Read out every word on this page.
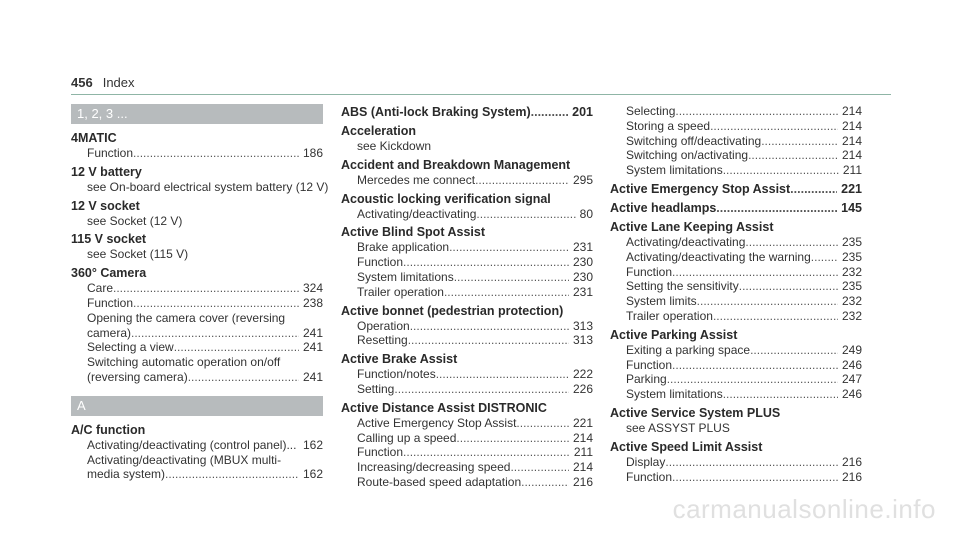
456 Index
1, 2, 3 ...
4MATIC
Function .....	186
12 V battery
see On-board electrical system battery (12 V)
12 V socket
see Socket (12 V)
115 V socket
see Socket (115 V)
360° Camera
Care .....	324
Function .....	238
Opening the camera cover (reversing
camera) .....	241
Selecting a view .....	241
Switching automatic operation on/off
(reversing camera) .....	241
A
A/C function
Activating/deactivating (control panel)... 162
Activating/deactivating (MBUX multi-
media system) .....	162
ABS (Anti-lock Braking System) .....	201
Acceleration
see Kickdown
Accident and Breakdown Management
Mercedes me connect .....	295
Acoustic locking verification signal
Activating/deactivating .....	80
Active Blind Spot Assist
Brake application .....	231
Function .....	230
System limitations .....	230
Trailer operation .....	231
Active bonnet (pedestrian protection)
Operation .....	313
Resetting .....	313
Active Brake Assist
Function/notes .....	222
Setting .....	226
Active Distance Assist DISTRONIC
Active Emergency Stop Assist .....	221
Calling up a speed .....	214
Function .....	211
Increasing/decreasing speed .....	214
Route-based speed adaptation .....	216
Selecting .....	214
Storing a speed .....	214
Switching off/deactivating .....	214
Switching on/activating .....	214
System limitations .....	211
Active Emergency Stop Assist .....	221
Active headlamps .....	145
Active Lane Keeping Assist
Activating/deactivating .....	235
Activating/deactivating the warning .....	235
Function .....	232
Setting the sensitivity .....	235
System limits .....	232
Trailer operation .....	232
Active Parking Assist
Exiting a parking space .....	249
Function .....	246
Parking .....	247
System limitations .....	246
Active Service System PLUS
see ASSYST PLUS
Active Speed Limit Assist
Display .....	216
Function .....	216
carmanualsonline.info
